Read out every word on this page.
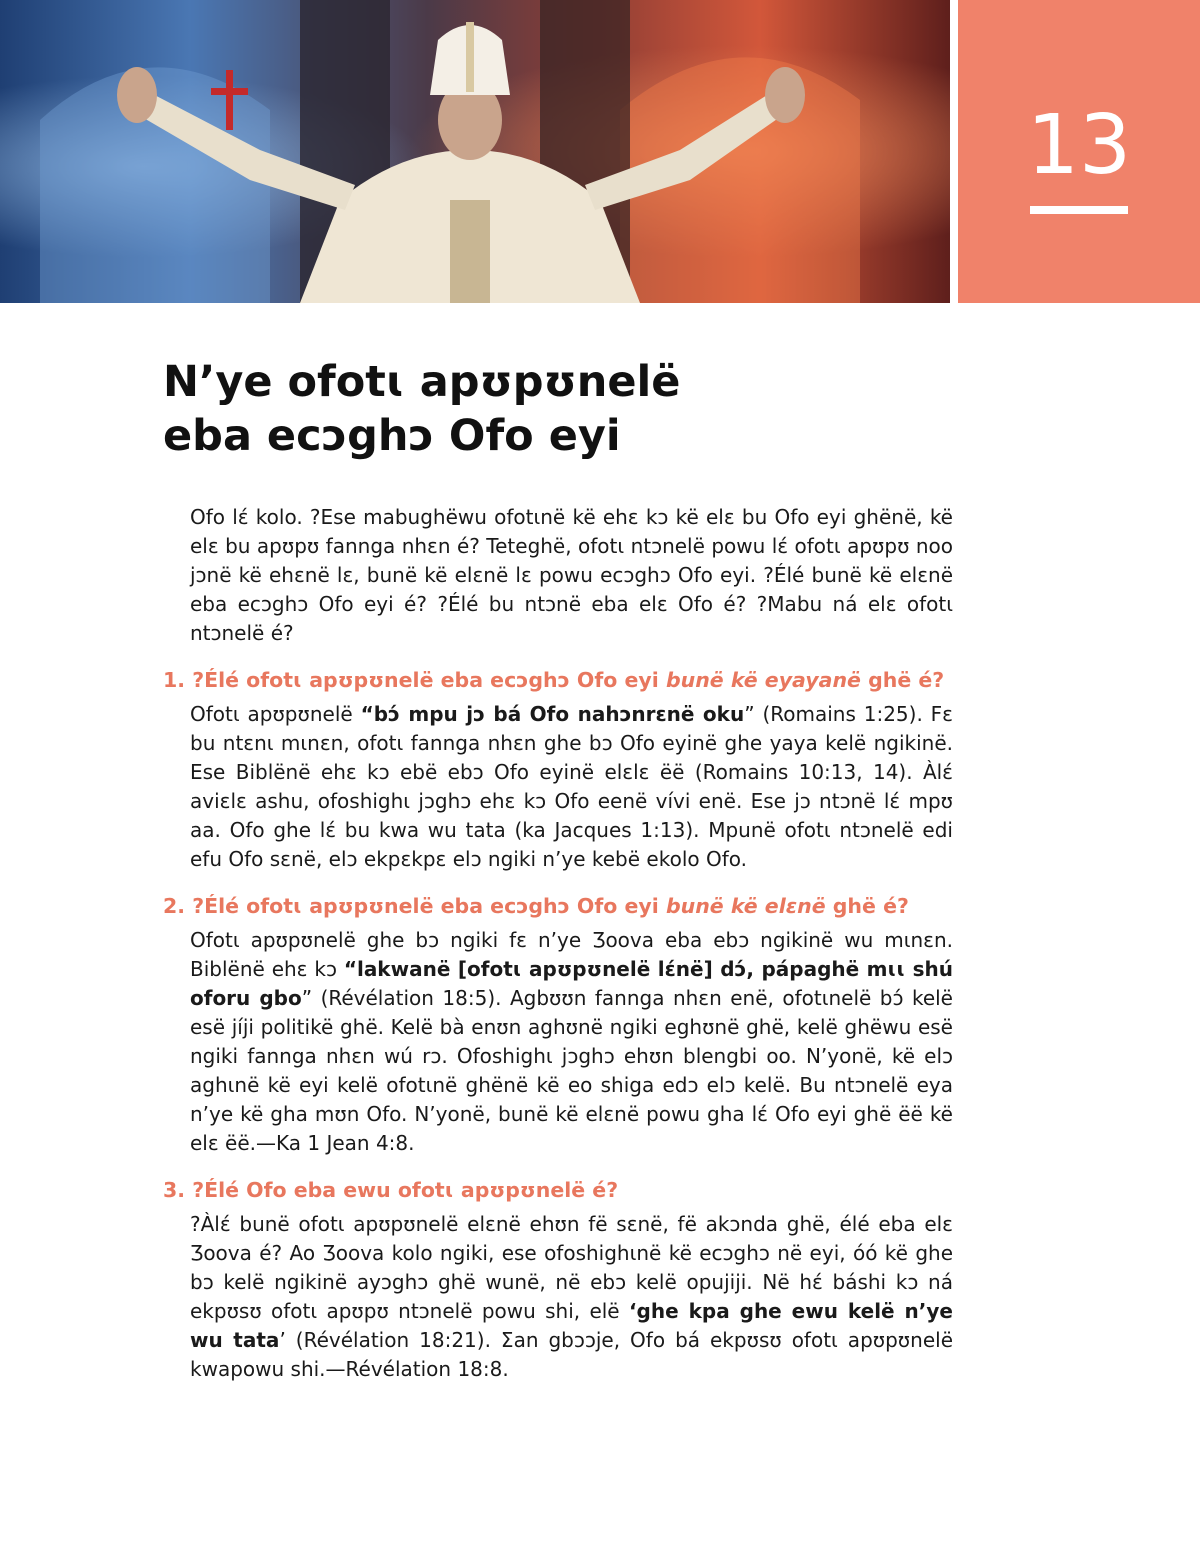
13
N’ye ofotɩ apʊpʊnelë
eba ecɔghɔ Ofo eyi

Ofo lɛ́ kolo. ?Ese mabughëwu ofotɩnë kë ehɛ kɔ kë elɛ bu Ofo eyi ghënë, kë elɛ bu apʊpʊ fannga nhɛn é? Teteghë, ofotɩ ntɔnelë powu lɛ́ ofotɩ apʊpʊ noo jɔnë kë ehɛnë lɛ, bunë kë elɛnë lɛ powu ecɔghɔ Ofo eyi. ?Élé bunë kë elɛnë eba ecɔghɔ Ofo eyi é? ?Élé bu ntɔnë eba elɛ Ofo é? ?Mabu ná elɛ ofotɩ ntɔnelë é?

1. ?Élé ofotɩ apʊpʊnelë eba ecɔghɔ Ofo eyi bunë kë eyayanë ghë é?

Ofotɩ apʊpʊnelë “bɔ́ mpu jɔ bá Ofo nahɔnrɛnë oku” (Romains 1:25). Fɛ bu ntɛnɩ mɩnɛn, ofotɩ fannga nhɛn ghe bɔ Ofo eyinë ghe yaya kelë ngikinë. Ese Biblënë ehɛ kɔ ebë ebɔ Ofo eyinë elɛlɛ ëë (Romains 10:13, 14). Àlɛ́ aviɛlɛ ashu, ofoshighɩ jɔghɔ ehɛ kɔ Ofo eenë vívi enë. Ese jɔ ntɔnë lɛ́ mpʊ aa. Ofo ghe lɛ́ bu kwa wu tata (ka Jacques 1:13). Mpunë ofotɩ ntɔnelë edi efu Ofo sɛnë, elɔ ekpɛkpɛ elɔ ngiki n’ye kebë ekolo Ofo.

2. ?Élé ofotɩ apʊpʊnelë eba ecɔghɔ Ofo eyi bunë kë elɛnë ghë é?

Ofotɩ apʊpʊnelë ghe bɔ ngiki fɛ n’ye Ʒoova eba ebɔ ngikinë wu mɩnɛn. Biblënë ehɛ kɔ “lakwanë [ofotɩ apʊpʊnelë lɛ́në] dɔ́, pápaghë mɩɩ shú oforu gbo” (Révélation 18:5). Agbʊʊn fannga nhɛn enë, ofotɩnelë bɔ́ kelë esë jíji politikë ghë. Kelë bà enʊn aghʊnë ngiki eghʊnë ghë, kelë ghëwu esë ngiki fannga nhɛn wú rɔ. Ofoshighɩ jɔghɔ ehʊn blengbi oo. N’yonë, kë elɔ aghɩnë kë eyi kelë ofotɩnë ghënë kë eo shiga edɔ elɔ kelë. Bu ntɔnelë eya n’ye kë gha mʊn Ofo. N’yonë, bunë kë elɛnë powu gha lɛ́ Ofo eyi ghë ëë kë elɛ ëë.—Ka 1 Jean 4:8.

3. ?Élé Ofo eba ewu ofotɩ apʊpʊnelë é?

?Àlɛ́ bunë ofotɩ apʊpʊnelë elɛnë ehʊn fë sɛnë, fë akɔnda ghë, élé eba elɛ Ʒoova é? Ao Ʒoova kolo ngiki, ese ofoshighɩnë kë ecɔghɔ në eyi, óó kë ghe bɔ kelë ngikinë ayɔghɔ ghë wunë, në ebɔ kelë opujiji. Në hɛ́ báshi kɔ ná ekpʊsʊ ofotɩ apʊpʊ ntɔnelë powu shi, elë ‘ghe kpa ghe ewu kelë n’ye wu tata’ (Révélation 18:21). Ʃan gbɔɔje, Ofo bá ekpʊsʊ ofotɩ apʊpʊnelë kwapowu shi.—Révélation 18:8.
